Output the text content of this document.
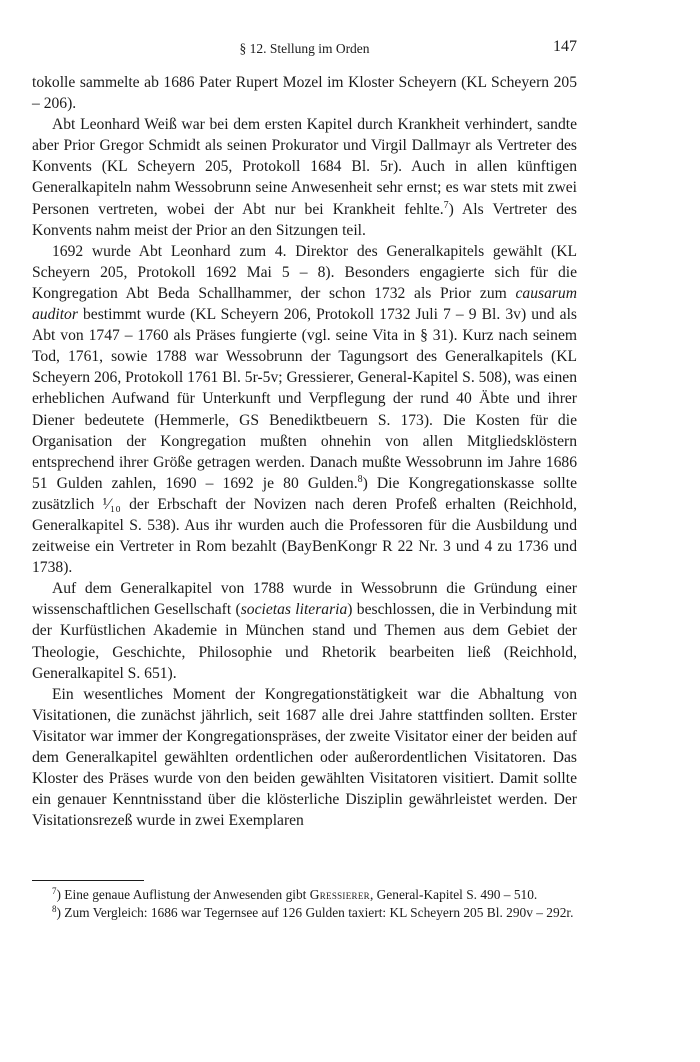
§ 12. Stellung im Orden	147

tokolle sammelte ab 1686 Pater Rupert Mozel im Kloster Scheyern (KL Scheyern 205 – 206).

Abt Leonhard Weiß war bei dem ersten Kapitel durch Krankheit verhindert, sandte aber Prior Gregor Schmidt als seinen Prokurator und Virgil Dallmayr als Vertreter des Konvents (KL Scheyern 205, Protokoll 1684 Bl. 5r). Auch in allen künftigen Generalkapiteln nahm Wessobrunn seine Anwesenheit sehr ernst; es war stets mit zwei Personen vertreten, wobei der Abt nur bei Krankheit fehlte.$^7$) Als Vertreter des Konvents nahm meist der Prior an den Sitzungen teil.

1692 wurde Abt Leonhard zum 4. Direktor des Generalkapitels gewählt (KL Scheyern 205, Protokoll 1692 Mai 5 – 8). Besonders engagierte sich für die Kongregation Abt Beda Schallhammer, der schon 1732 als Prior zum causarum auditor bestimmt wurde (KL Scheyern 206, Protokoll 1732 Juli 7 – 9 Bl. 3v) und als Abt von 1747 – 1760 als Präses fungierte (vgl. seine Vita in § 31). Kurz nach seinem Tod, 1761, sowie 1788 war Wessobrunn der Tagungsort des Generalkapitels (KL Scheyern 206, Protokoll 1761 Bl. 5r-5v; Gressierer, General-Kapitel S. 508), was einen erheblichen Aufwand für Unterkunft und Verpflegung der rund 40 Äbte und ihrer Diener bedeutete (Hemmerle, GS Benediktbeuern S. 173). Die Kosten für die Organisation der Kongregation mußten ohnehin von allen Mitgliedsklöstern entsprechend ihrer Größe getragen werden. Danach mußte Wessobrunn im Jahre 1686 51 Gulden zahlen, 1690 – 1692 je 80 Gulden.$^8$) Die Kongregationskasse sollte zusätzlich ¹⁄₁₀ der Erbschaft der Novizen nach deren Profeß erhalten (Reichhold, Generalkapitel S. 538). Aus ihr wurden auch die Professoren für die Ausbildung und zeitweise ein Vertreter in Rom bezahlt (BayBenKongr R 22 Nr. 3 und 4 zu 1736 und 1738).

Auf dem Generalkapitel von 1788 wurde in Wessobrunn die Gründung einer wissenschaftlichen Gesellschaft (societas literaria) beschlossen, die in Verbindung mit der Kurfüstlichen Akademie in München stand und Themen aus dem Gebiet der Theologie, Geschichte, Philosophie und Rhetorik bearbeiten ließ (Reichhold, Generalkapitel S. 651).

Ein wesentliches Moment der Kongregationstätigkeit war die Abhaltung von Visitationen, die zunächst jährlich, seit 1687 alle drei Jahre stattfinden sollten. Erster Visitator war immer der Kongregationspräses, der zweite Visitator einer der beiden auf dem Generalkapitel gewählten ordentlichen oder außerordentlichen Visitatoren. Das Kloster des Präses wurde von den beiden gewählten Visitatoren visitiert. Damit sollte ein genauer Kenntnisstand über die klösterliche Disziplin gewährleistet werden. Der Visitationsrezeß wurde in zwei Exemplaren

$^7$) Eine genaue Auflistung der Anwesenden gibt Gressierer, General-Kapitel S. 490 – 510.

$^8$) Zum Vergleich: 1686 war Tegernsee auf 126 Gulden taxiert: KL Scheyern 205 Bl. 290v – 292r.
